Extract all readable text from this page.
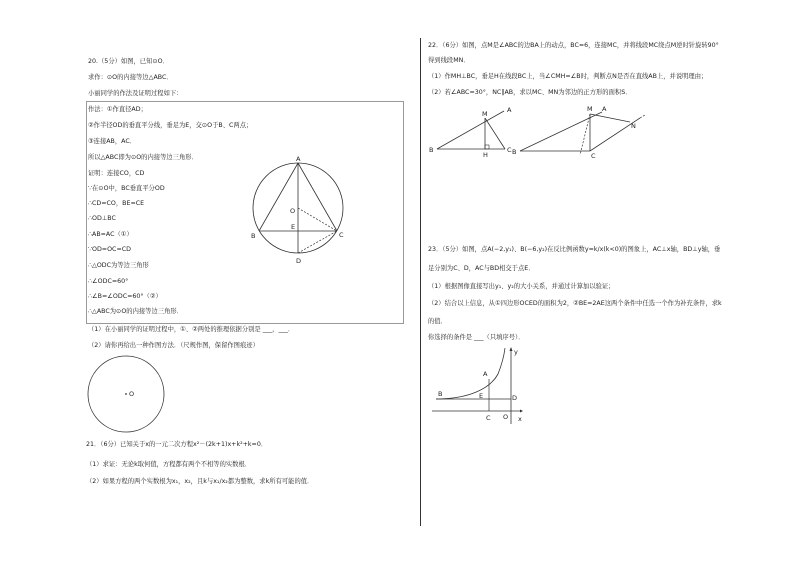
20.（5分）如图，已知⊙O．
求作：⊙O的内接等边△ABC．
小丽同学的作法及证明过程如下：
作法：①作直径AD；
②作半径OD的垂直平分线，垂足为E，交⊙O于B、C两点；
③连接AB，AC．
所以△ABC即为⊙O的内接等边三角形．
证明：连接CO，CD
∵在⊙O中，BC垂直平分OD
∴CD=CO，BE=CE
∴OD⊥BC
∴AB=AC（①）
∵OD=OC=CD
∴△ODC为等边三角形
∴∠ODC=60°
∴∠B=∠ODC=60°（②）
∴△ABC为⊙O的内接等边三角形．
A
B	C
D
E
O
（1）在小丽同学的证明过程中，①、②两处的推理依据分别是 ___，___．
（2）请你再给出一种作图方法．（尺规作图，保留作图痕迹）
O
21．（6分）已知关于x的一元二次方程x²－(2k+1)x+k²+k=0．
（1）求证：无论k取何值，方程都有两个不相等的实数根．
（2）如果方程的两个实数根为x₁，x₂，且k与x₁/x₂都为整数，求k所有可能的值．
22．（6分）如图，点M是∠ABC的边BA上的动点，BC=6，连接MC，并将线段MC绕点M逆时针旋转90°
得到线段MN．
（1）作MH⊥BC，垂足H在线段BC上，当∠CMH=∠B时，判断点N是否在直线AB上，并说明理由；
（2）若∠ABC=30°，NC∥AB，求以MC、MN为邻边的正方形的面积S．
A
M
B
H
C
M A
N
B	C
23．（5分）如图，点A(−2,y₁)、B(−6,y₂)在反比例函数y=k/x(k<0)的图象上，AC⊥x轴，BD⊥y轴，垂
足分别为C、D，AC与BD相交于点E．
（1）根据图像直接写出y₁、y₂的大小关系，并通过计算加以验证；
（2）结合以上信息，从①四边形OCED的面积为2，②BE=2AE这两个条件中任选一个作为补充条件，求k
的值．
你选择的条件是 ___（只填序号）．
y
x
A
B	E	D
O
C
